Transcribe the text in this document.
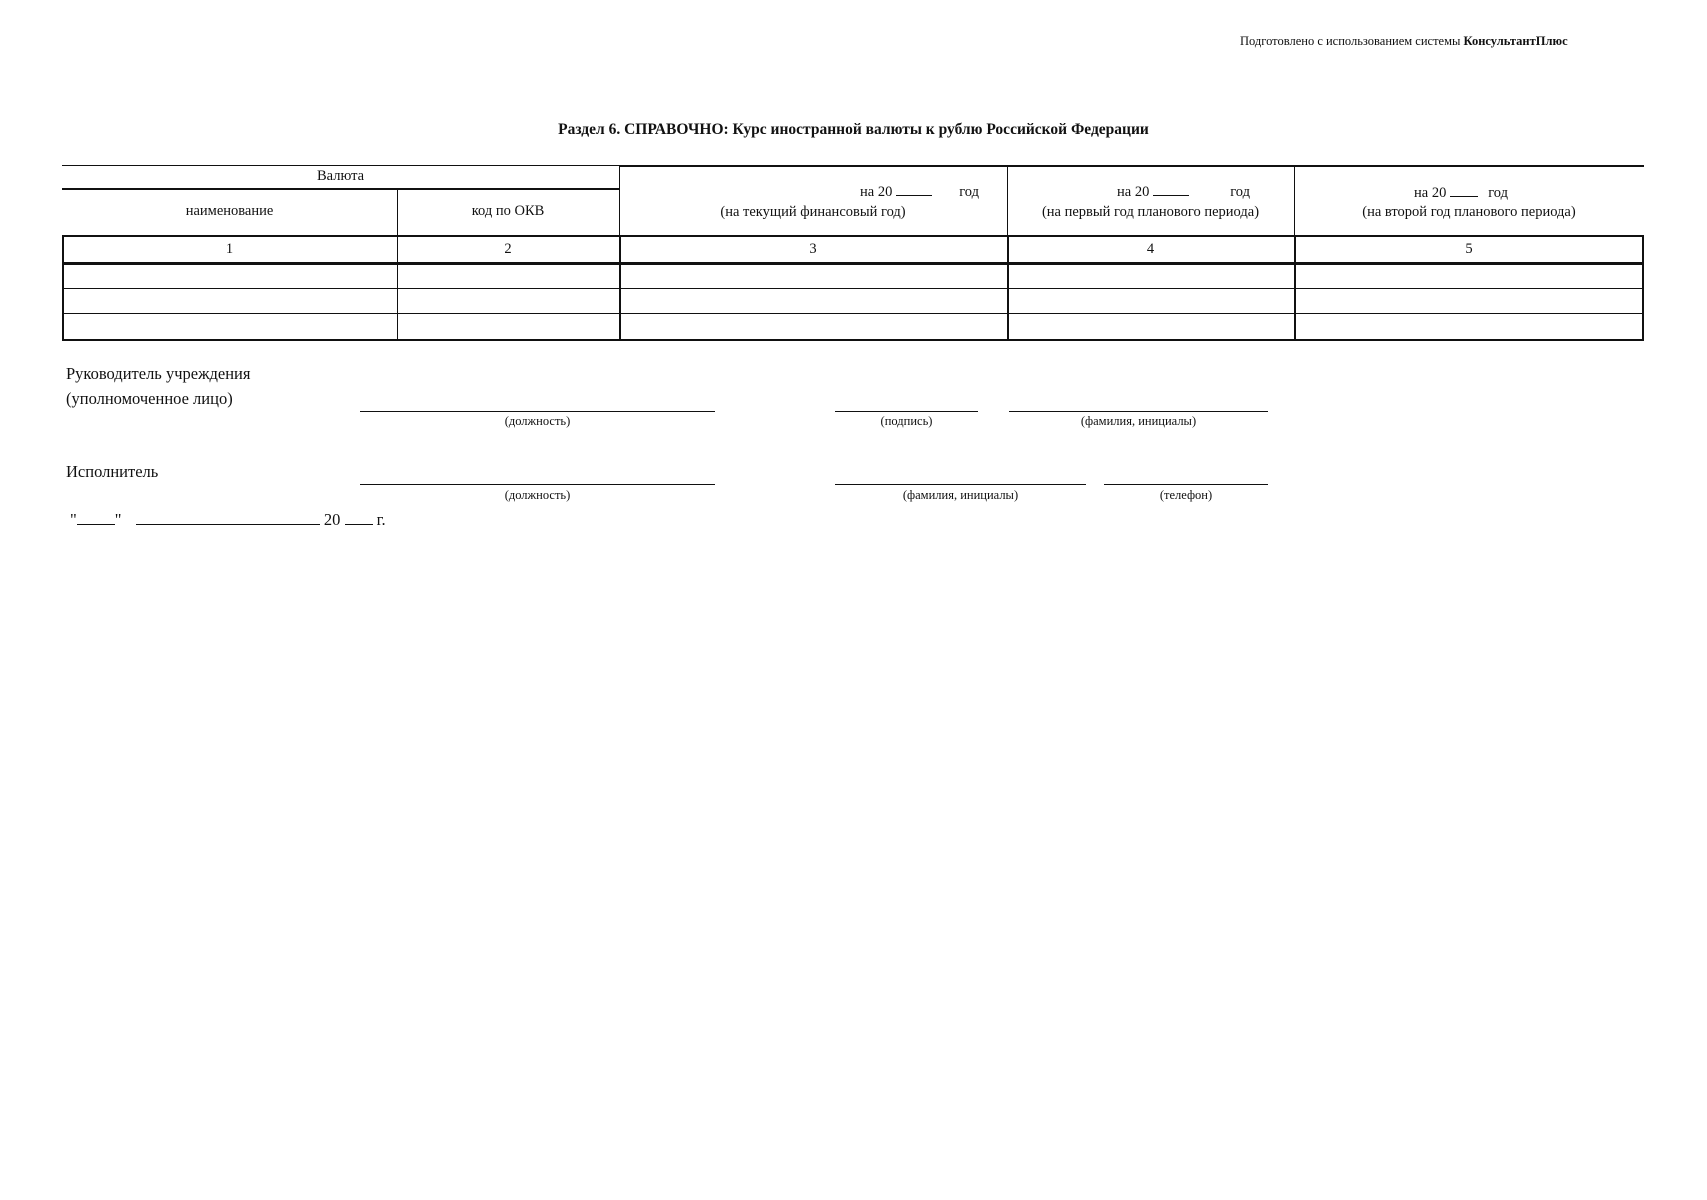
Подготовлено с использованием системы КонсультантПлюс
Раздел 6. СПРАВОЧНО: Курс иностранной валюты к рублю Российской Федерации
Валюта
наименование	код по ОКВ
на 20	год
(на текущий финансовый год)
на 20	год
(на первый год планового периода)
на 20	год
(на второй год планового периода)
1	2	3	4	5
Руководитель учреждения
(уполномоченное лицо)
(должность)	(подпись)	(фамилия, инициалы)
Исполнитель
(должность)	(фамилия, инициалы)	(телефон)
" "	20 г.
